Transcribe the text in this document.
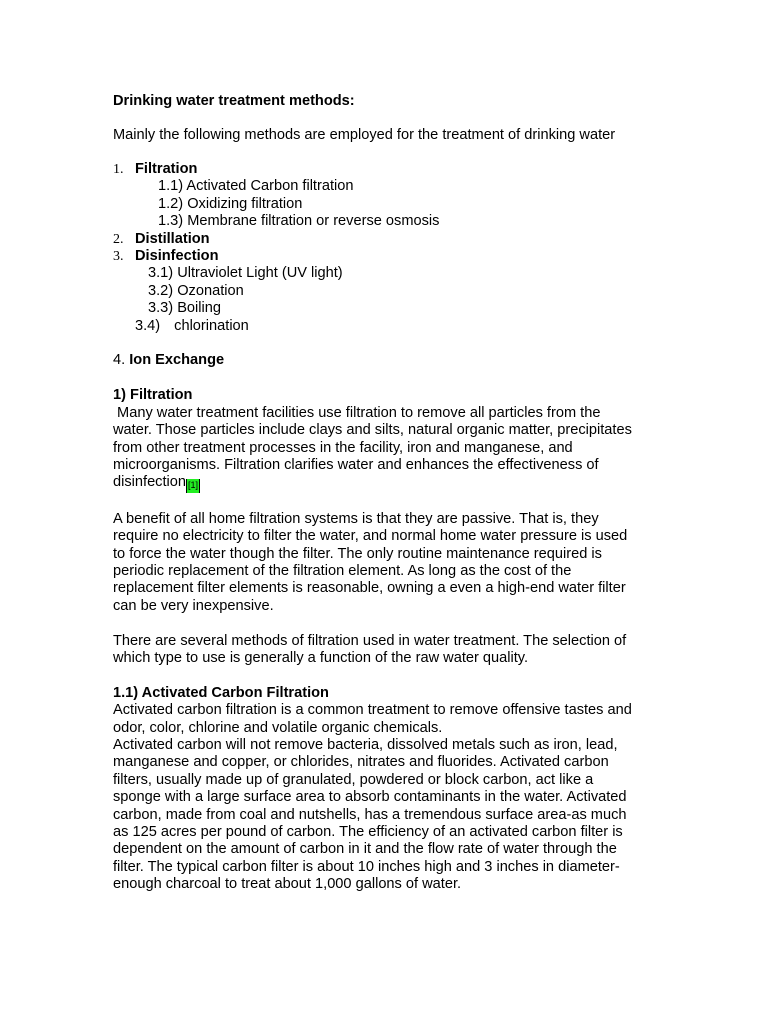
Drinking water treatment methods:
Mainly the following methods are employed for the treatment of drinking water
1. Filtration
1.1) Activated Carbon filtration
1.2) Oxidizing filtration
1.3) Membrane filtration or reverse osmosis
2. Distillation
3. Disinfection
3.1) Ultraviolet Light (UV light)
3.2) Ozonation
3.3) Boiling
3.4) chlorination
4. Ion Exchange
1) Filtration
Many water treatment facilities use filtration to remove all particles from the
water. Those particles include clays and silts, natural organic matter, precipitates
from other treatment processes in the facility, iron and manganese, and
microorganisms. Filtration clarifies water and enhances the effectiveness of
disinfection [1]
A benefit of all home filtration systems is that they are passive. That is, they
require no electricity to filter the water, and normal home water pressure is used
to force the water though the filter. The only routine maintenance required is
periodic replacement of the filtration element. As long as the cost of the
replacement filter elements is reasonable, owning a even a high-end water filter
can be very inexpensive.
There are several methods of filtration used in water treatment. The selection of
which type to use is generally a function of the raw water quality.
1.1) Activated Carbon Filtration
Activated carbon filtration is a common treatment to remove offensive tastes and
odor, color, chlorine and volatile organic chemicals.
Activated carbon will not remove bacteria, dissolved metals such as iron, lead,
manganese and copper, or chlorides, nitrates and fluorides. Activated carbon
filters, usually made up of granulated, powdered or block carbon, act like a
sponge with a large surface area to absorb contaminants in the water. Activated
carbon, made from coal and nutshells, has a tremendous surface area-as much
as 125 acres per pound of carbon. The efficiency of an activated carbon filter is
dependent on the amount of carbon in it and the flow rate of water through the
filter. The typical carbon filter is about 10 inches high and 3 inches in diameter-
enough charcoal to treat about 1,000 gallons of water.
